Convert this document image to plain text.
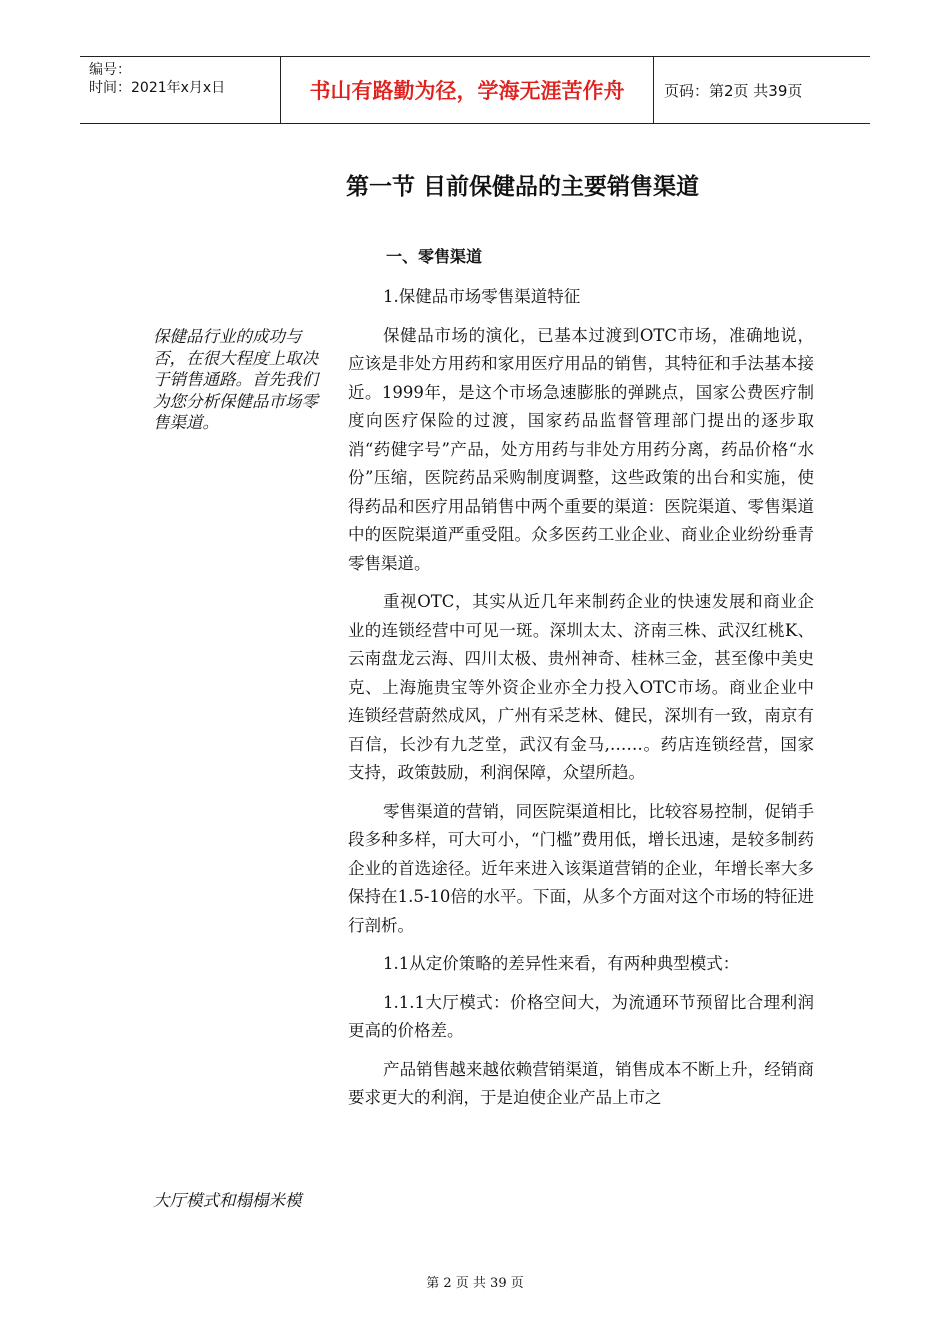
编号：
时间：2021年x月x日	书山有路勤为径，学海无涯苦作舟	页码：第2页 共39页
第一节 目前保健品的主要销售渠道
一、零售渠道
保健品行业的成功与否，在很大程度上取决于销售通路。首先我们为您分析保健品市场零售渠道。
大厅模式和榻榻米模

1.保健品市场零售渠道特征

保健品市场的演化，已基本过渡到OTC市场，准确地说，应该是非处方用药和家用医疗用品的销售，其特征和手法基本接近。1999年，是这个市场急速膨胀的弹跳点，国家公费医疗制度向医疗保险的过渡，国家药品监督管理部门提出的逐步取消“药健字号”产品，处方用药与非处方用药分离，药品价格“水份”压缩，医院药品采购制度调整，这些政策的出台和实施，使得药品和医疗用品销售中两个重要的渠道：医院渠道、零售渠道中的医院渠道严重受阻。众多医药工业企业、商业企业纷纷垂青零售渠道。

重视OTC，其实从近几年来制药企业的快速发展和商业企业的连锁经营中可见一斑。深圳太太、济南三株、武汉红桃K、云南盘龙云海、四川太极、贵州神奇、桂林三金，甚至像中美史克、上海施贵宝等外资企业亦全力投入OTC市场。商业企业中连锁经营蔚然成风，广州有采芝林、健民，深圳有一致，南京有百信，长沙有九芝堂，武汉有金马,……。药店连锁经营，国家支持，政策鼓励，利润保障，众望所趋。

零售渠道的营销，同医院渠道相比，比较容易控制，促销手段多种多样，可大可小，“门槛”费用低，增长迅速，是较多制药企业的首选途径。近年来进入该渠道营销的企业，年增长率大多保持在1.5-10倍的水平。下面，从多个方面对这个市场的特征进行剖析。

1.1从定价策略的差异性来看，有两种典型模式：

1.1.1大厅模式：价格空间大，为流通环节预留比合理利润更高的价格差。

产品销售越来越依赖营销渠道，销售成本不断上升，经销商要求更大的利润，于是迫使企业产品上市之

第 2 页 共 39 页
